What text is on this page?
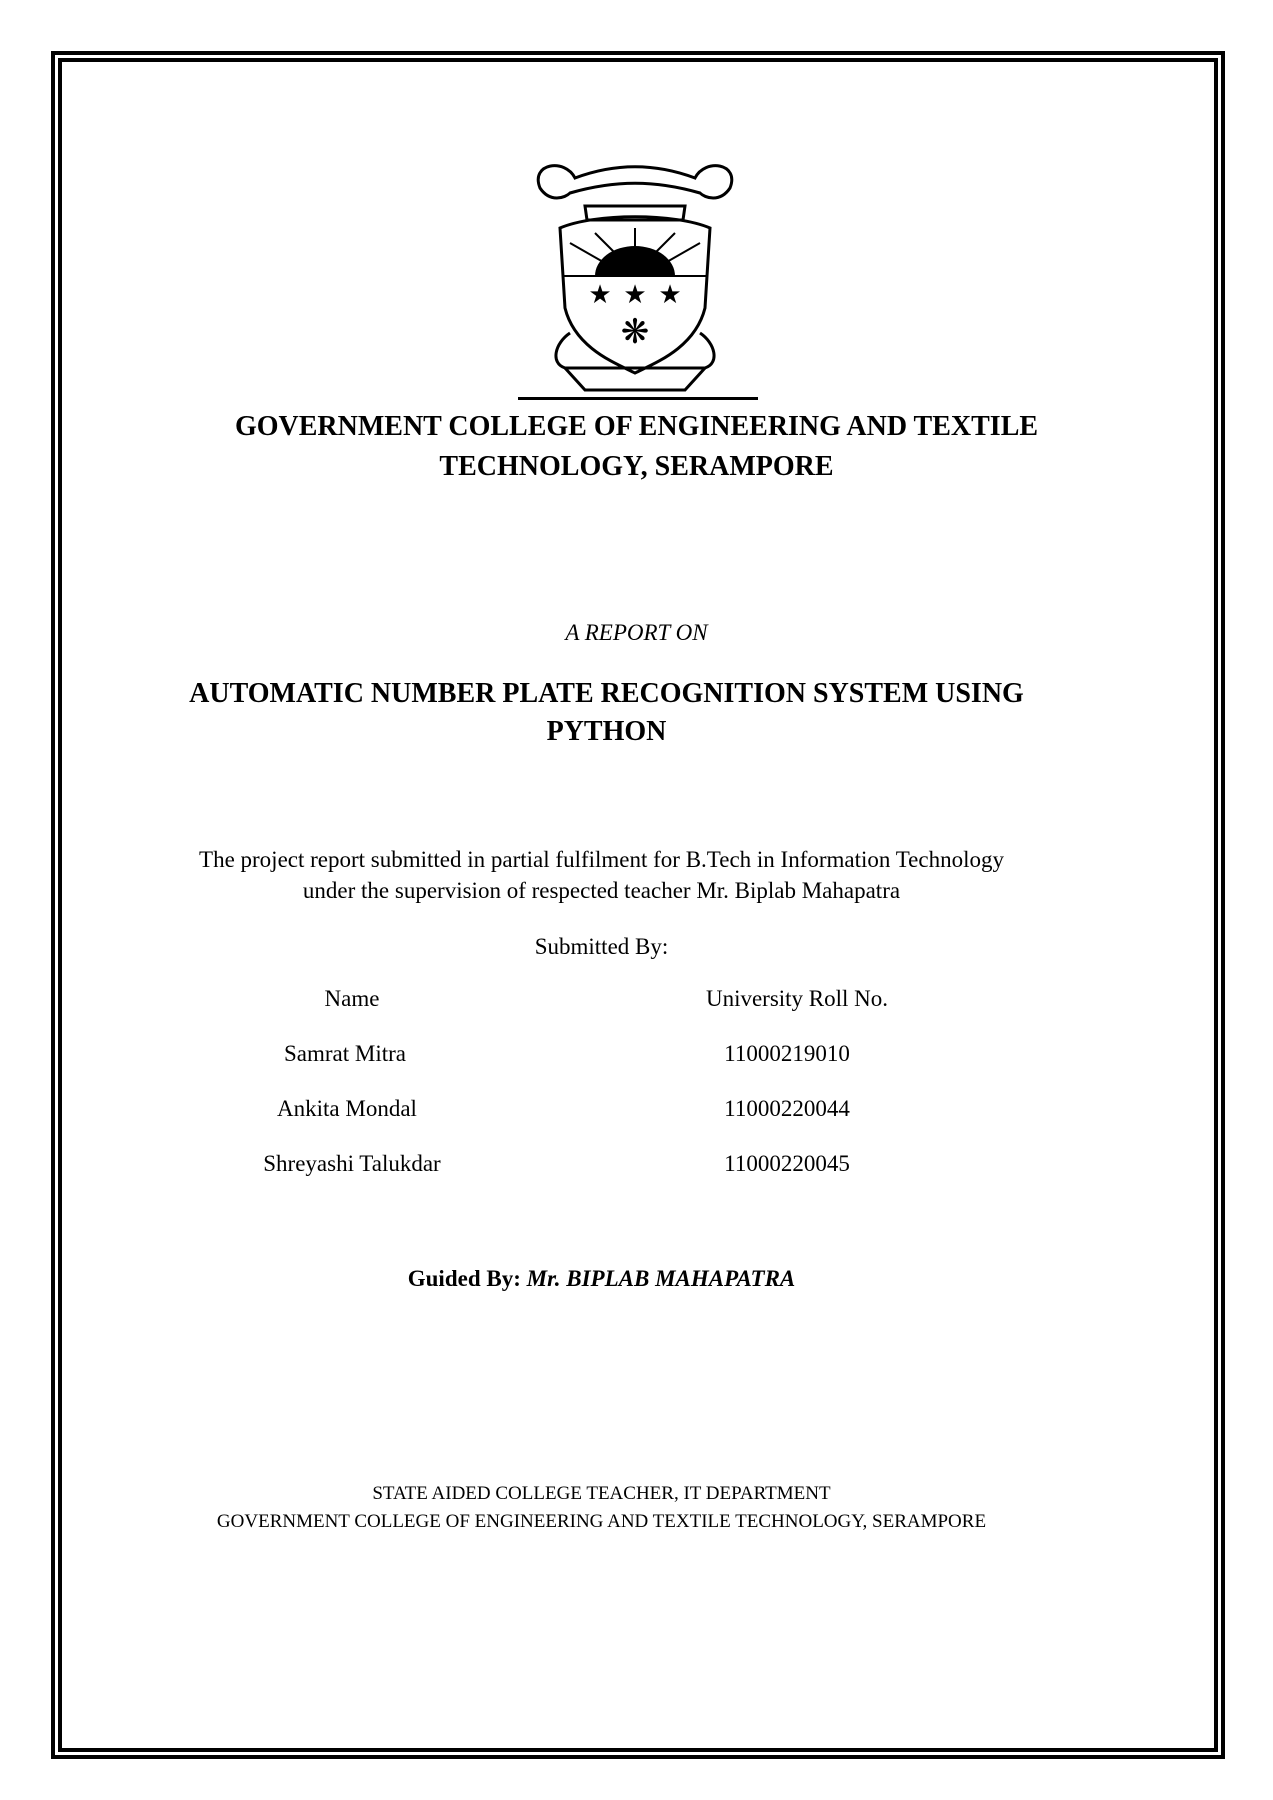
★ ★ ★
❋
GOVERNMENT COLLEGE OF ENGINEERING AND TEXTILE
TECHNOLOGY, SERAMPORE
A REPORT ON
AUTOMATIC NUMBER PLATE RECOGNITION SYSTEM USING
PYTHON
The project report submitted in partial fulfilment for B.Tech in Information Technology
under the supervision of respected teacher Mr. Biplab Mahapatra
Submitted By:
Name	University Roll No.
Samrat Mitra	11000219010
Ankita Mondal	11000220044
Shreyashi Talukdar	11000220045
Guided By: Mr. BIPLAB MAHAPATRA
STATE AIDED COLLEGE TEACHER, IT DEPARTMENT
GOVERNMENT COLLEGE OF ENGINEERING AND TEXTILE TECHNOLOGY, SERAMPORE
